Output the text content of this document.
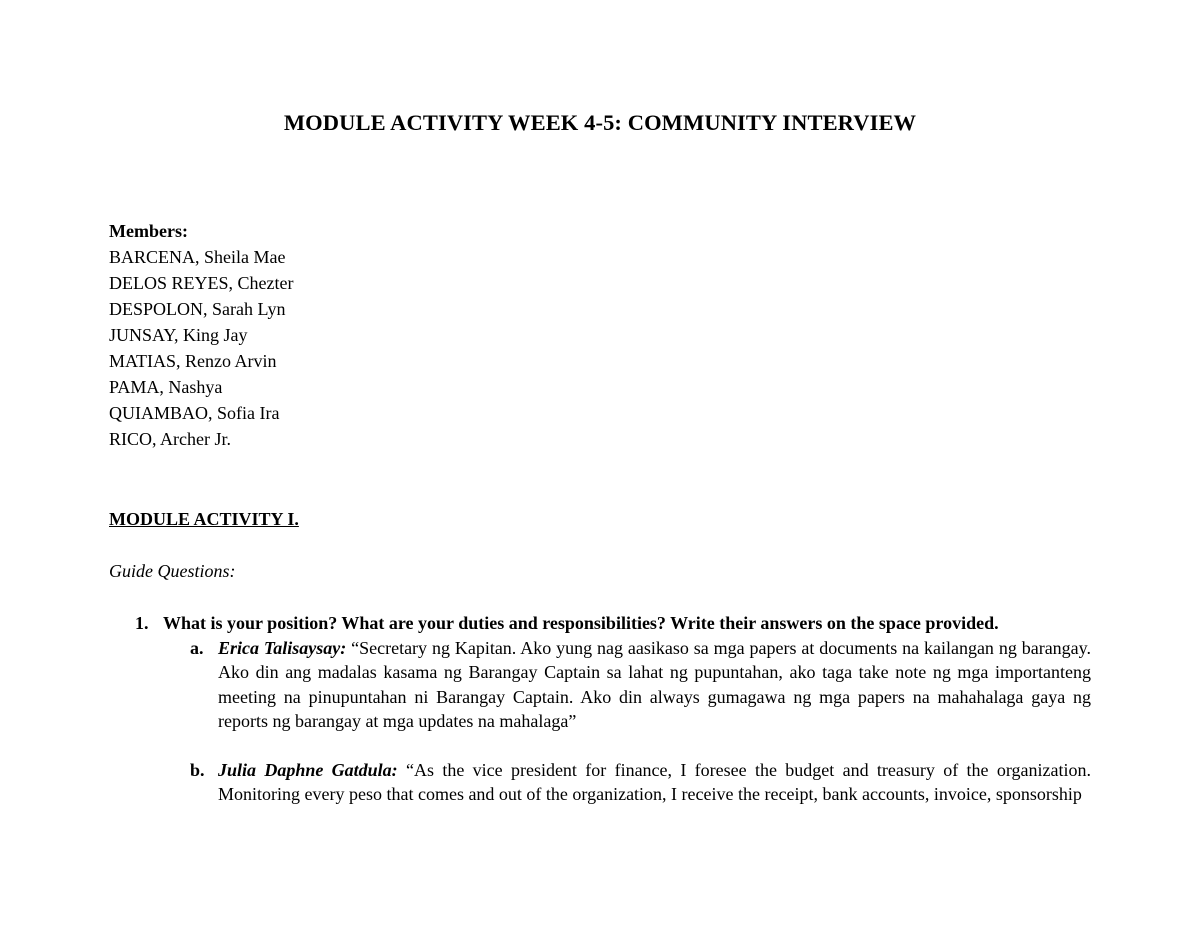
MODULE ACTIVITY WEEK 4-5: COMMUNITY INTERVIEW
Members:
BARCENA, Sheila Mae
DELOS REYES, Chezter
DESPOLON, Sarah Lyn
JUNSAY, King Jay
MATIAS, Renzo Arvin
PAMA, Nashya
QUIAMBAO, Sofia Ira
RICO, Archer Jr.
MODULE ACTIVITY I.
Guide Questions:
1. What is your position? What are your duties and responsibilities? Write their answers on the space provided.
a. Erica Talisaysay: “Secretary ng Kapitan. Ako yung nag aasikaso sa mga papers at documents na kailangan ng barangay. Ako din ang madalas kasama ng Barangay Captain sa lahat ng pupuntahan, ako taga take note ng mga importanteng meeting na pinupuntahan ni Barangay Captain. Ako din always gumagawa ng mga papers na mahahalaga gaya ng reports ng barangay at mga updates na mahalaga”
b. Julia Daphne Gatdula: “As the vice president for finance, I foresee the budget and treasury of the organization. Monitoring every peso that comes and out of the organization, I receive the receipt, bank accounts, invoice, sponsorship
